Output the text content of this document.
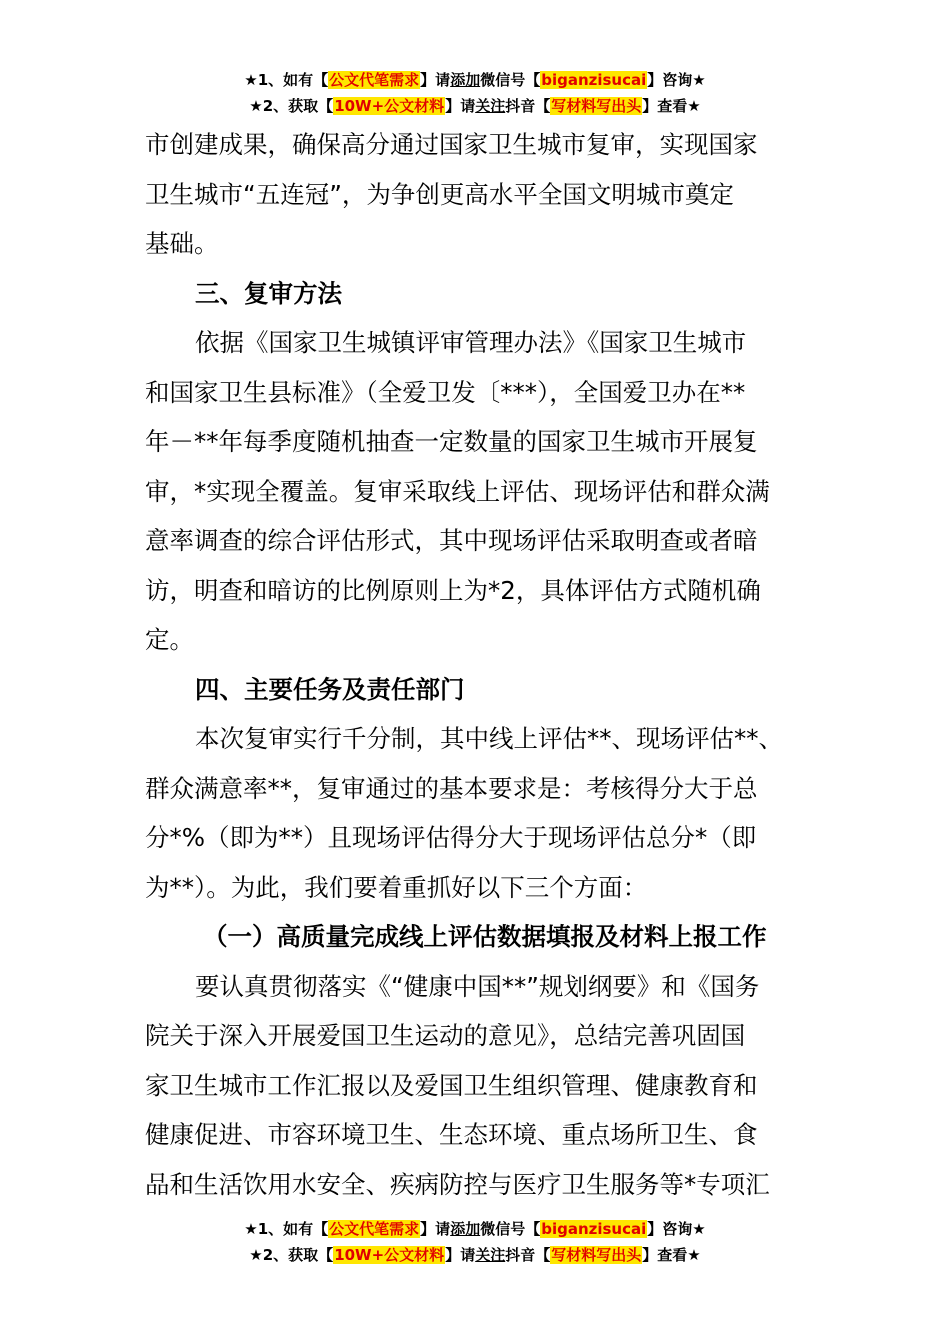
★1、如有【公文代笔需求】请添加微信号【biganzisucai】咨询★
★2、获取【10W+公文材料】请关注抖音【写材料写出头】查看★

市创建成果，确保高分通过国家卫生城市复审，实现国家

卫生城市“五连冠”，为争创更高水平全国文明城市奠定

基础。

三、复审方法

依据《国家卫生城镇评审管理办法》《国家卫生城市

和国家卫生县标准》（全爱卫发〔***），全国爱卫办在**

年－**年每季度随机抽查一定数量的国家卫生城市开展复

审，*实现全覆盖。复审采取线上评估、现场评估和群众满

意率调查的综合评估形式，其中现场评估采取明查或者暗

访，明查和暗访的比例原则上为*2，具体评估方式随机确

定。

四、主要任务及责任部门

本次复审实行千分制，其中线上评估**、现场评估**、

群众满意率**，复审通过的基本要求是：考核得分大于总

分*%（即为**）且现场评估得分大于现场评估总分*（即

为**）。为此，我们要着重抓好以下三个方面：

（一）高质量完成线上评估数据填报及材料上报工作

要认真贯彻落实《“健康中国**”规划纲要》和《国务

院关于深入开展爱国卫生运动的意见》，总结完善巩固国

家卫生城市工作汇报以及爱国卫生组织管理、健康教育和

健康促进、市容环境卫生、生态环境、重点场所卫生、食

品和生活饮用水安全、疾病防控与医疗卫生服务等*专项汇

★1、如有【公文代笔需求】请添加微信号【biganzisucai】咨询★
★2、获取【10W+公文材料】请关注抖音【写材料写出头】查看★
